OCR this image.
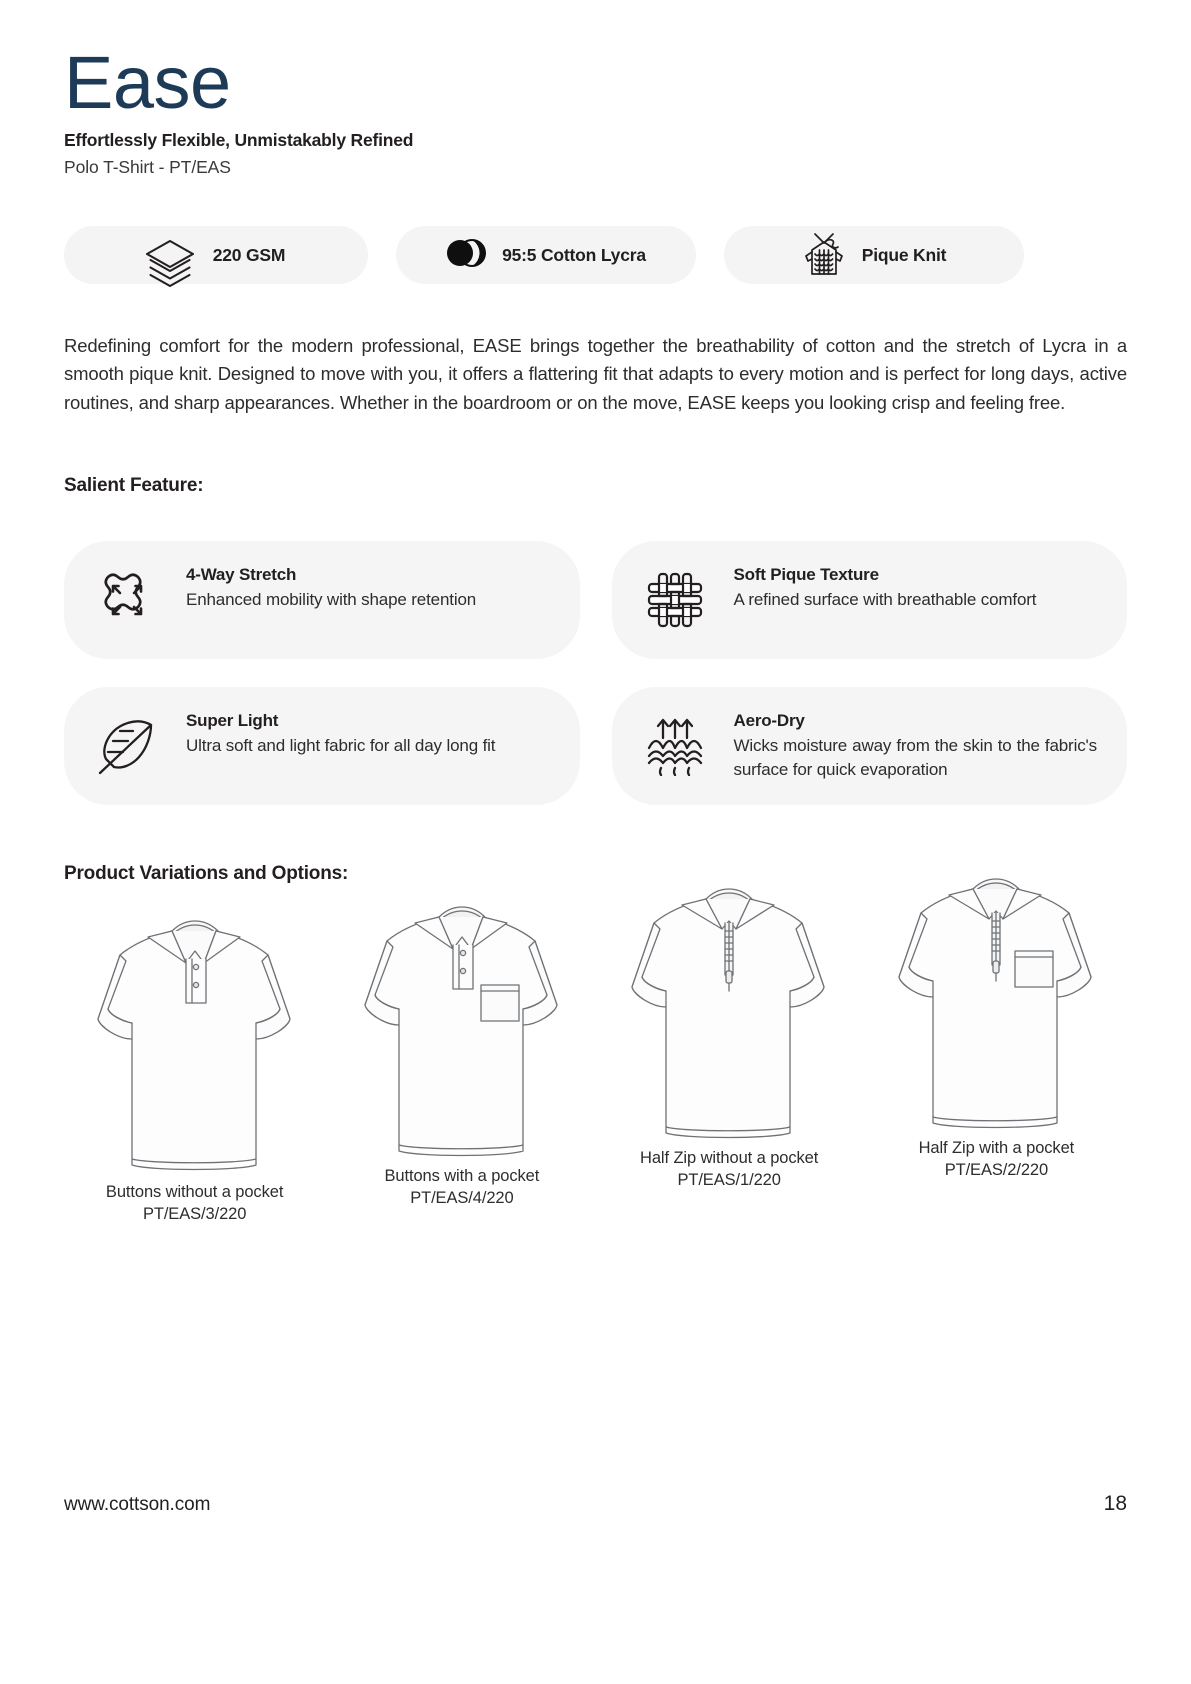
Ease
Effortlessly Flexible, Unmistakably Refined
Polo T-Shirt - PT/EAS
220 GSM	95:5 Cotton Lycra	Pique Knit

Redefining comfort for the modern professional, EASE brings together the breathability of cotton and the stretch of Lycra in a smooth pique knit. Designed to move with you, it offers a flattering fit that adapts to every motion and is perfect for long days, active routines, and sharp appearances. Whether in the boardroom or on the move, EASE keeps you looking crisp and feeling free.

Salient Feature:
4-Way Stretch
Enhanced mobility with shape retention
Soft Pique Texture
A refined surface with breathable comfort
Super Light
Ultra soft and light fabric for all day long fit
Aero-Dry
Wicks moisture away from the skin to the fabric's surface for quick evaporation
Product Variations and Options:
Buttons without a pocket
PT/EAS/3/220
Buttons with a pocket
PT/EAS/4/220
Half Zip without a pocket
PT/EAS/1/220
Half Zip with a pocket
PT/EAS/2/220
www.cottson.com	18
